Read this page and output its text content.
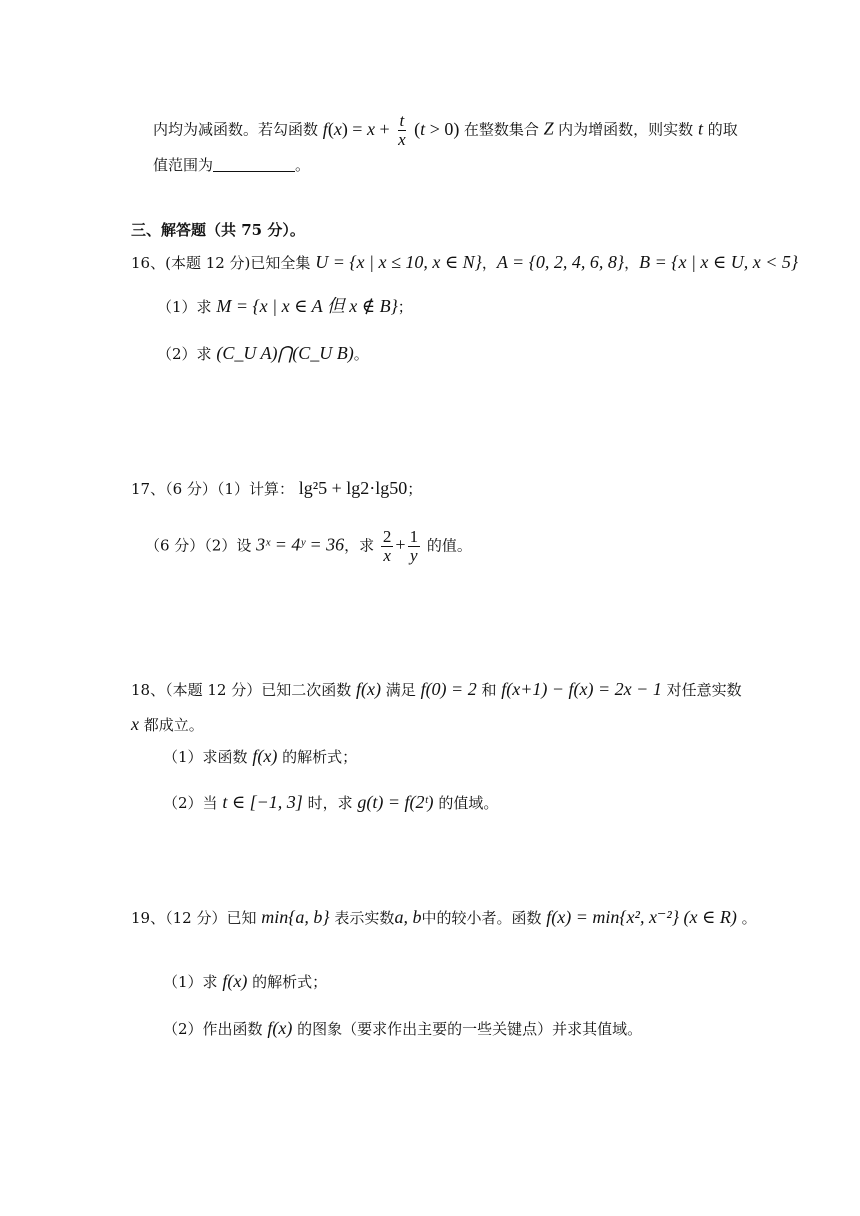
内均为减函数。若勾函数 $f(x) = x + \frac{t}{x} (t > 0)$ 在整数集合 Z 内为增函数，则实数 t 的取
值范围为	。
三、解答题（共 75 分）。
16、(本题 12 分)已知全集 U = {x | x ≤ 10, x ∈ N}，A = {0, 2, 4, 6, 8}，B = {x | x ∈ U, x < 5}
（1）求 M = {x | x ∈ A 但 x ∉ B}；
（2）求 (C_U A)⋂(C_U B)。
17、（6 分）（1）计算： lg²5 + lg2·lg50；
（6 分）（2）设 3ˣ = 4ʸ = 36，求 $\frac{2}{x} + \frac{1}{y}$ 的值。
18、（本题 12 分）已知二次函数 f(x) 满足 f(0) = 2 和 f(x+1) − f(x) = 2x − 1 对任意实数
x 都成立。
（1）求函数 f(x) 的解析式；
（2）当 t ∈ [−1, 3] 时，求 g(t) = f(2ᵗ) 的值域。
19、（12 分）已知 min{a, b} 表示实数a, b中的较小者。函数 f(x) = min{x², x⁻²} (x ∈ R) 。
（1）求 f(x) 的解析式；
（2）作出函数 f(x) 的图象（要求作出主要的一些关键点）并求其值域。
